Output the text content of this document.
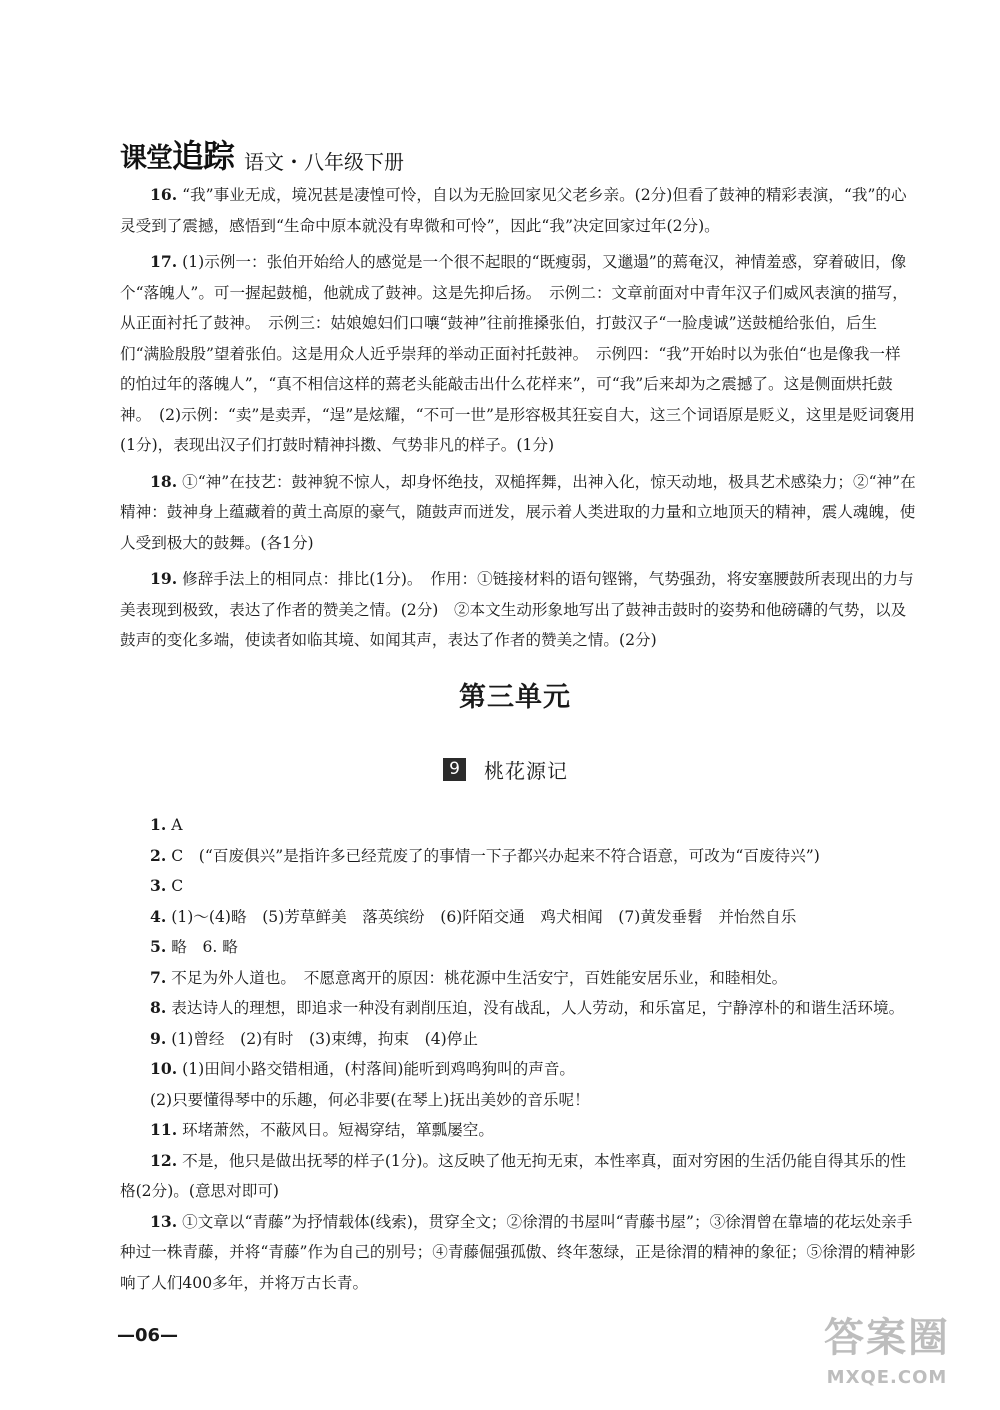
课堂追踪 语文・八年级下册

16. “我”事业无成，境况甚是凄惶可怜，自以为无脸回家见父老乡亲。(2分)但看了鼓神的精彩表演，“我”的心灵受到了震撼，感悟到“生命中原本就没有卑微和可怜”，因此“我”决定回家过年(2分)。

17. (1)示例一：张伯开始给人的感觉是一个很不起眼的“既瘦弱，又邋遢”的蔫奄汉，神情羞惑，穿着破旧，像个“落魄人”。可一握起鼓槌，他就成了鼓神。这是先抑后扬。　示例二：文章前面对中青年汉子们威风表演的描写，从正面衬托了鼓神。　示例三：姑娘媳妇们口嚷“鼓神”往前推搡张伯，打鼓汉子“一脸虔诚”送鼓槌给张伯，后生们“满脸殷殷”望着张伯。这是用众人近乎崇拜的举动正面衬托鼓神。　示例四：“我”开始时以为张伯“也是像我一样的怕过年的落魄人”，“真不相信这样的蔫老头能敲击出什么花样来”，可“我”后来却为之震撼了。这是侧面烘托鼓神。　(2)示例：“卖”是卖弄，“逞”是炫耀，“不可一世”是形容极其狂妄自大，这三个词语原是贬义，这里是贬词褒用(1分)，表现出汉子们打鼓时精神抖擞、气势非凡的样子。(1分)

18. ①“神”在技艺：鼓神貌不惊人，却身怀绝技，双槌挥舞，出神入化，惊天动地，极具艺术感染力；②“神”在精神：鼓神身上蕴藏着的黄土高原的豪气，随鼓声而迸发，展示着人类进取的力量和立地顶天的精神，震人魂魄，使人受到极大的鼓舞。(各1分)

19. 修辞手法上的相同点：排比(1分)。　作用：①链接材料的语句铿锵，气势强劲，将安塞腰鼓所表现出的力与美表现到极致，表达了作者的赞美之情。(2分)　②本文生动形象地写出了鼓神击鼓时的姿势和他磅礴的气势，以及鼓声的变化多端，使读者如临其境、如闻其声，表达了作者的赞美之情。(2分)

第三单元
9	桃花源记

1. A

2. C　(“百废俱兴”是指许多已经荒废了的事情一下子都兴办起来不符合语意，可改为“百废待兴”)

3. C

4. (1)～(4)略　(5)芳草鲜美　落英缤纷　(6)阡陌交通　鸡犬相闻　(7)黄发垂髫　并怡然自乐

5. 略　6. 略

7. 不足为外人道也。　不愿意离开的原因：桃花源中生活安宁，百姓能安居乐业，和睦相处。

8. 表达诗人的理想，即追求一种没有剥削压迫，没有战乱，人人劳动，和乐富足，宁静淳朴的和谐生活环境。

9. (1)曾经　(2)有时　(3)束缚，拘束　(4)停止

10. (1)田间小路交错相通，(村落间)能听到鸡鸣狗叫的声音。

(2)只要懂得琴中的乐趣，何必非要(在琴上)抚出美妙的音乐呢！

11. 环堵萧然，不蔽风日。短褐穿结，箪瓢屡空。

12. 不是，他只是做出抚琴的样子(1分)。这反映了他无拘无束，本性率真，面对穷困的生活仍能自得其乐的性格(2分)。(意思对即可)

13. ①文章以“青藤”为抒情载体(线索)，贯穿全文；②徐渭的书屋叫“青藤书屋”；③徐渭曾在靠墙的花坛处亲手种过一株青藤，并将“青藤”作为自己的别号；④青藤倔强孤傲、终年葱绿，正是徐渭的精神的象征；⑤徐渭的精神影响了人们400多年，并将万古长青。

—06—	答案圈
MXQE.COM
